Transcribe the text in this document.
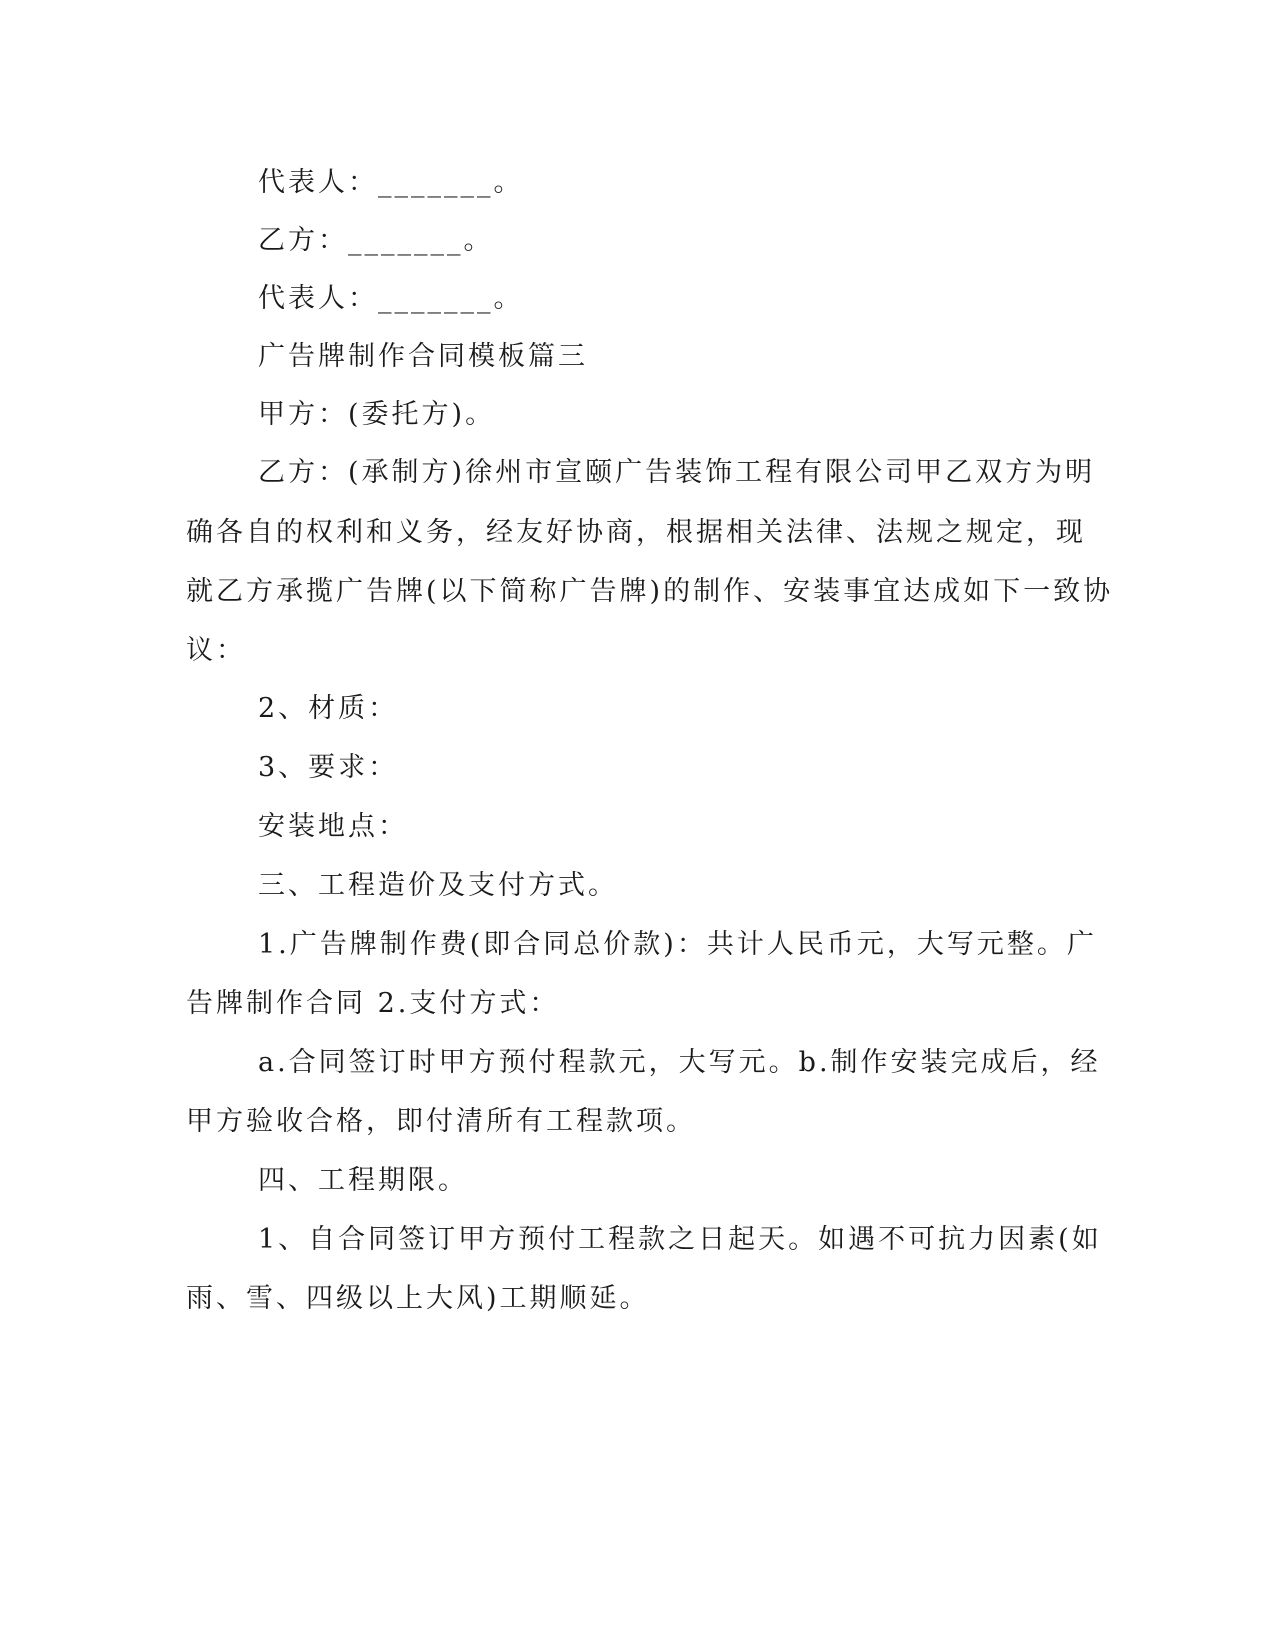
代表人：_______。
乙方：_______。
代表人：_______。
广告牌制作合同模板篇三
甲方：(委托方)。
乙方：(承制方)徐州市宣颐广告装饰工程有限公司甲乙双方为明
确各自的权利和义务，经友好协商，根据相关法律、法规之规定，现
就乙方承揽广告牌(以下简称广告牌)的制作、安装事宜达成如下一致协
议：
2、材质：
3、要求：
安装地点：
三、工程造价及支付方式。
1.广告牌制作费(即合同总价款)：共计人民币元，大写元整。广
告牌制作合同 2.支付方式：
a.合同签订时甲方预付程款元，大写元。b.制作安装完成后，经
甲方验收合格，即付清所有工程款项。
四、工程期限。
1、自合同签订甲方预付工程款之日起天。如遇不可抗力因素(如
雨、雪、四级以上大风)工期顺延。
